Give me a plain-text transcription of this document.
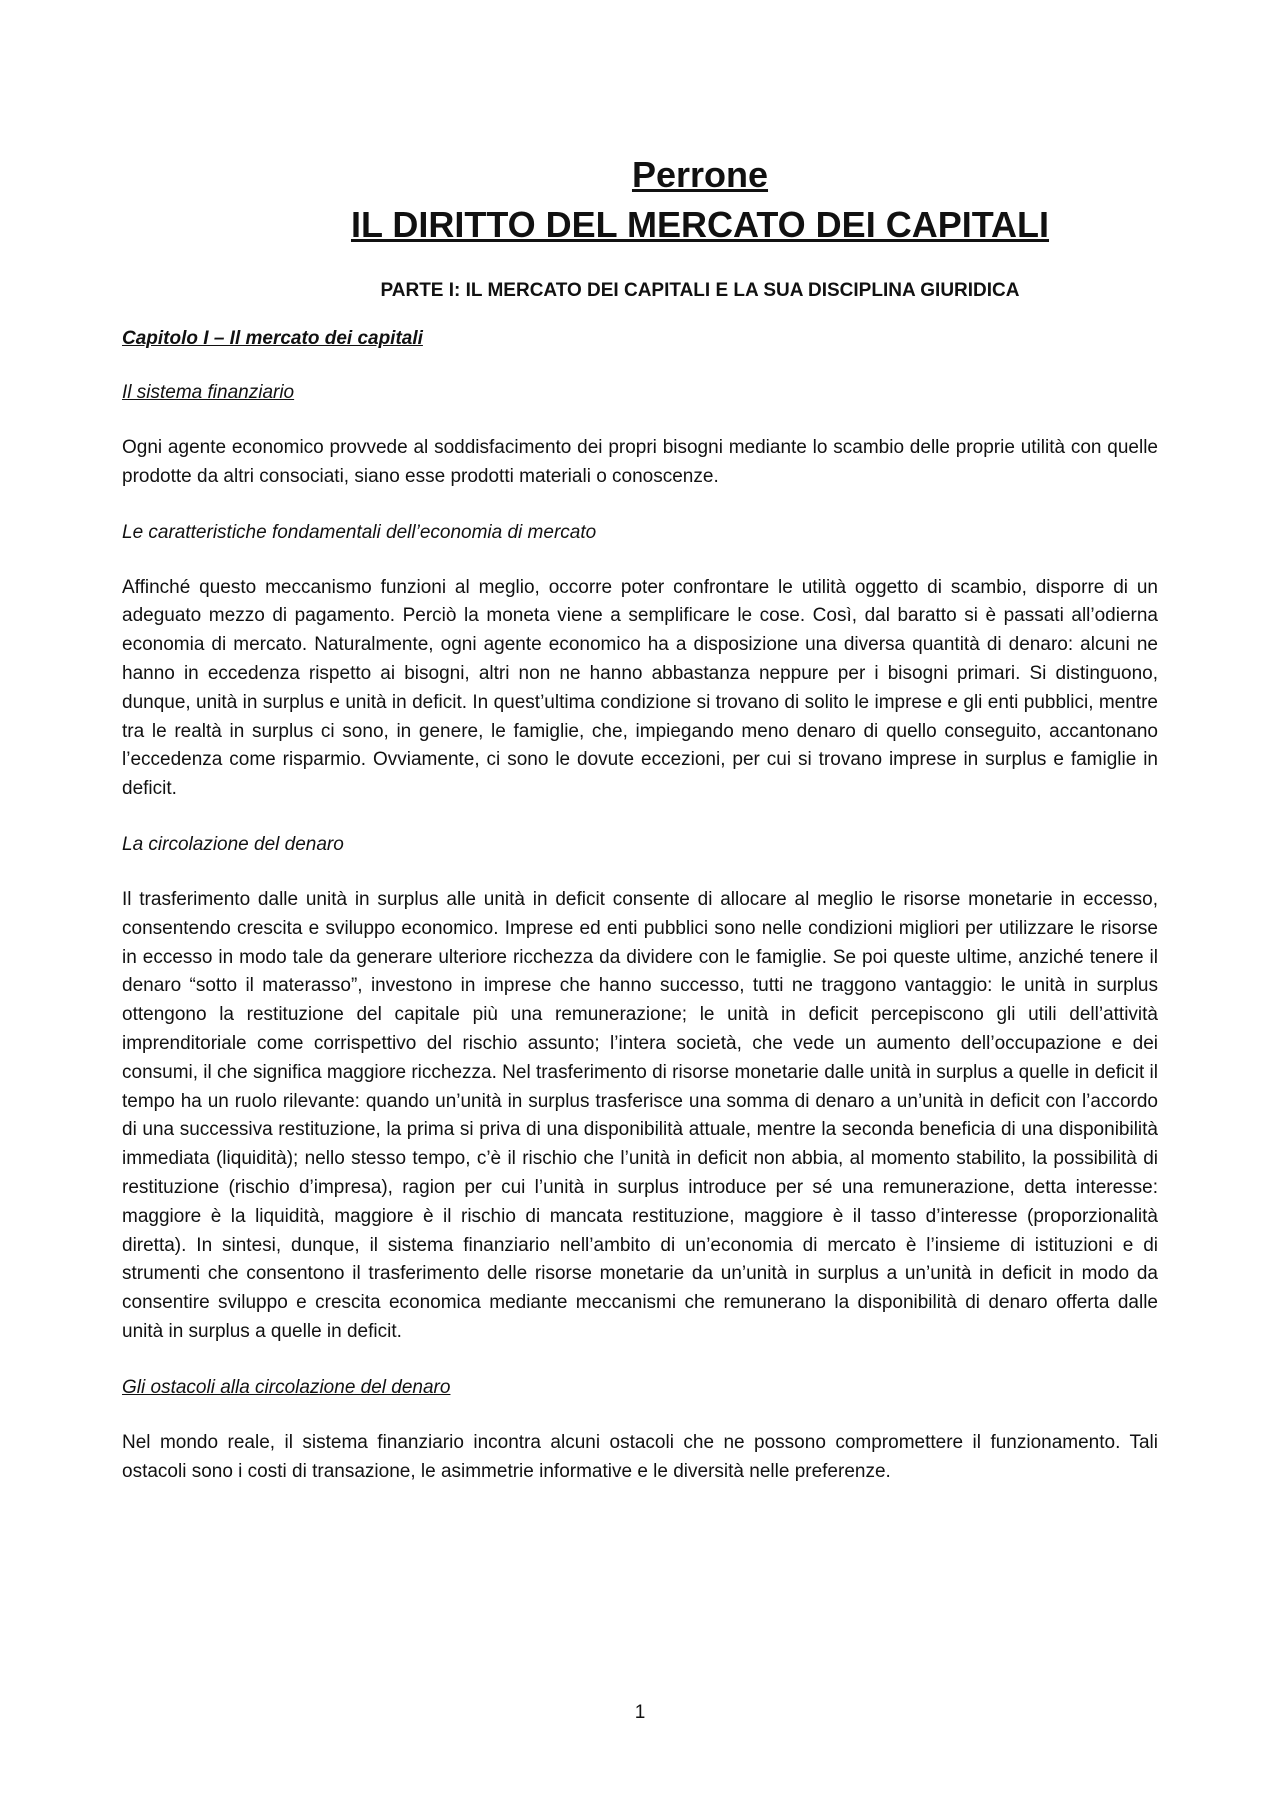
Perrone

IL DIRITTO DEL MERCATO DEI CAPITALI

PARTE I: IL MERCATO DEI CAPITALI E LA SUA DISCIPLINA GIURIDICA

Capitolo I – Il mercato dei capitali

Il sistema finanziario

Ogni agente economico provvede al soddisfacimento dei propri bisogni mediante lo scambio delle proprie utilità con quelle prodotte da altri consociati, siano esse prodotti materiali o conoscenze.

Le caratteristiche fondamentali dell’economia di mercato

Affinché questo meccanismo funzioni al meglio, occorre poter confrontare le utilità oggetto di scambio, disporre di un adeguato mezzo di pagamento. Perciò la moneta viene a semplificare le cose. Così, dal baratto si è passati all’odierna economia di mercato. Naturalmente, ogni agente economico ha a disposizione una diversa quantità di denaro: alcuni ne hanno in eccedenza rispetto ai bisogni, altri non ne hanno abbastanza neppure per i bisogni primari. Si distinguono, dunque, unità in surplus e unità in deficit. In quest’ultima condizione si trovano di solito le imprese e gli enti pubblici, mentre tra le realtà in surplus ci sono, in genere, le famiglie, che, impiegando meno denaro di quello conseguito, accantonano l’eccedenza come risparmio. Ovviamente, ci sono le dovute eccezioni, per cui si trovano imprese in surplus e famiglie in deficit.

La circolazione del denaro

Il trasferimento dalle unità in surplus alle unità in deficit consente di allocare al meglio le risorse monetarie in eccesso, consentendo crescita e sviluppo economico. Imprese ed enti pubblici sono nelle condizioni migliori per utilizzare le risorse in eccesso in modo tale da generare ulteriore ricchezza da dividere con le famiglie. Se poi queste ultime, anziché tenere il denaro “sotto il materasso”, investono in imprese che hanno successo, tutti ne traggono vantaggio: le unità in surplus ottengono la restituzione del capitale più una remunerazione; le unità in deficit percepiscono gli utili dell’attività imprenditoriale come corrispettivo del rischio assunto; l’intera società, che vede un aumento dell’occupazione e dei consumi, il che significa maggiore ricchezza. Nel trasferimento di risorse monetarie dalle unità in surplus a quelle in deficit il tempo ha un ruolo rilevante: quando un’unità in surplus trasferisce una somma di denaro a un’unità in deficit con l’accordo di una successiva restituzione, la prima si priva di una disponibilità attuale, mentre la seconda beneficia di una disponibilità immediata (liquidità); nello stesso tempo, c’è il rischio che l’unità in deficit non abbia, al momento stabilito, la possibilità di restituzione (rischio d’impresa), ragion per cui l’unità in surplus introduce per sé una remunerazione, detta interesse: maggiore è la liquidità, maggiore è il rischio di mancata restituzione, maggiore è il tasso d’interesse (proporzionalità diretta). In sintesi, dunque, il sistema finanziario nell’ambito di un’economia di mercato è l’insieme di istituzioni e di strumenti che consentono il trasferimento delle risorse monetarie da un’unità in surplus a un’unità in deficit in modo da consentire sviluppo e crescita economica mediante meccanismi che remunerano la disponibilità di denaro offerta dalle unità in surplus a quelle in deficit.

Gli ostacoli alla circolazione del denaro

Nel mondo reale, il sistema finanziario incontra alcuni ostacoli che ne possono compromettere il funzionamento. Tali ostacoli sono i costi di transazione, le asimmetrie informative e le diversità nelle preferenze.

1
